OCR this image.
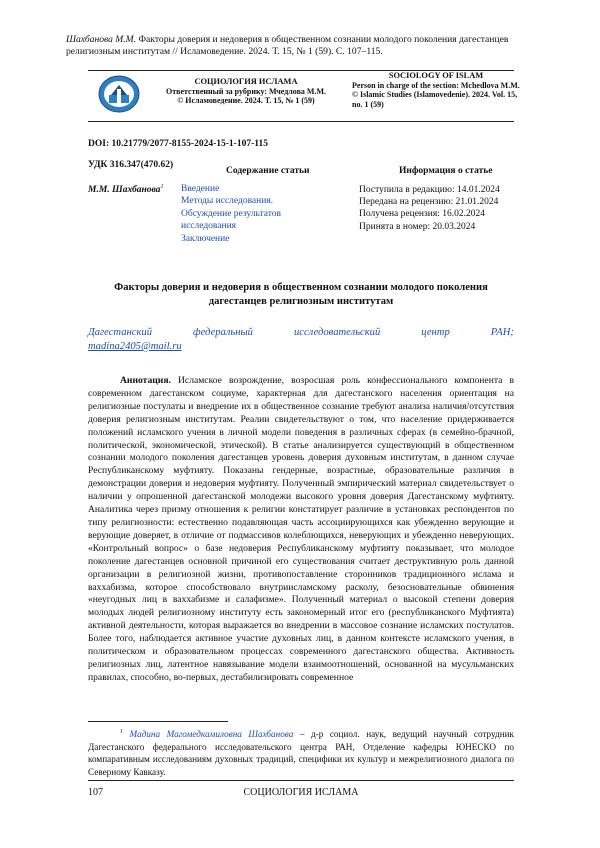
Шахбанова М.М. Факторы доверия и недоверия в общественном сознании молодого поколения дагестанцев религиозным институтам // Исламоведение. 2024. Т. 15, № 1 (59). С. 107–115.
СОЦИОЛОГИЯ ИСЛАМА
Ответственный за рубрику: Мчедлова М.М.
© Исламоведение. 2024. Т. 15, № 1 (59)
SOCIOLOGY OF ISLAM
Person in charge of the section: Mchedlova M.M.
© Islamic Studies (Islamovedenie). 2024. Vol. 15, no. 1 (59)
DOI: 10.21779/2077-8155-2024-15-1-107-115
УДК 316.347(470.62)
Содержание статьи	Информация о статье
М.М. Шахбанова$^1$ Введение
Методы исследования.
Обсуждение результатов
исследования
Заключение
Поступила в редакцию: 14.01.2024
Передана на рецензию: 21.01.2024
Получена рецензия: 16.02.2024
Принята в номер: 20.03.2024
Факторы доверия и недоверия в общественном сознании молодого поколения дагестанцев религиозным институтам
Дагестанский	федеральный	исследовательский	центр	РАН;
madina2405@mail.ru

Аннотация. Исламское возрождение, возросшая роль конфессионального компонента в современном дагестанском социуме, характерная для дагестанского населения ориентация на религиозные постулаты и внедрение их в общественное сознание требуют анализа наличия/отсутствия доверия религиозным институтам. Реалии свидетельствуют о том, что население придерживается положений исламского учения в личной модели поведения в различных сферах (в семейно-брачной, политической, экономической, этической). В статье анализируется существующий в общественном сознании молодого поколения дагестанцев уровень доверия духовным институтам, в данном случае Республиканскому муфтияту. Показаны гендерные, возрастные, образовательные различия в демонстрации доверия и недоверия муфтияту. Полученный эмпирический материал свидетельствует о наличии у опрошенной дагестанской молодежи высокого уровня доверия Дагестанскому муфтияту. Аналитика через призму отношения к религии констатирует различие в установках респондентов по типу религиозности: естественно подавляющая часть ассоциирующихся как убежденно верующие и верующие доверяет, в отличие от подмассивов колеблющихся, неверующих и убежденно неверующих. «Контрольный вопрос» о базе недоверия Республиканскому муфтияту показывает, что молодое поколение дагестанцев основной причиной его существования считает деструктивную роль данной организации в религиозной жизни, противопоставление сторонников традиционного ислама и ваххабизма, которое способствовало внутриисламскому расколу, безосновательные обвинения «неугодных лиц в ваххабизме и салафизме». Полученный материал о высокой степени доверия молодых людей религиозному институту есть закономерный итог его (республиканского Муфтията) активной деятельности, которая выражается во внедрении в массовое сознание исламских постулатов. Более того, наблюдается активное участие духовных лиц, в данном контексте исламского учения, в политическом и образовательном процессах современного дагестанского общества. Активность религиозных лиц, латентное навязывание модели взаимоотношений, основанной на мусульманских правилах, способно, во-первых, дестабилизировать современное

$^1$ Мадина Магомедкамиловна Шахбанова – д-р социол. наук, ведущий научный сотрудник Дагестанского федерального исследовательского центра РАН, Отделение кафедры ЮНЕСКО по компаративным исследованиям духовных традиций, специфики их культур и межрелигиозного диалога по Северному Кавказу.

107	СОЦИОЛОГИЯ ИСЛАМА
